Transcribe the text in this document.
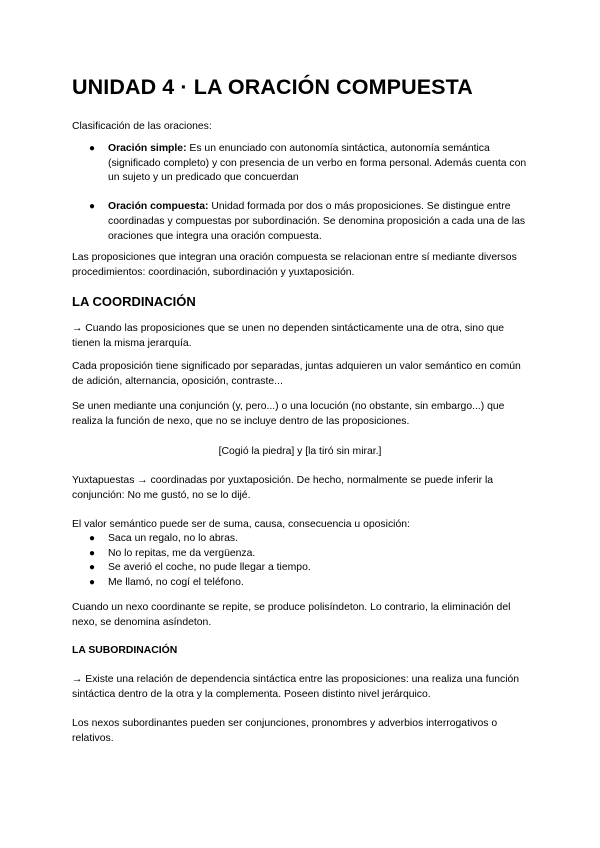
UNIDAD 4 · LA ORACIÓN COMPUESTA

Clasificación de las oraciones:

● Oración simple: Es un enunciado con autonomía sintáctica, autonomía semántica (significado completo) y con presencia de un verbo en forma personal. Además cuenta con un sujeto y un predicado que concuerdan
● Oración compuesta: Unidad formada por dos o más proposiciones. Se distingue entre coordinadas y compuestas por subordinación. Se denomina proposición a cada una de las oraciones que integra una oración compuesta.

Las proposiciones que integran una oración compuesta se relacionan entre sí mediante diversos procedimientos: coordinación, subordinación y yuxtaposición.

LA COORDINACIÓN

→ Cuando las proposiciones que se unen no dependen sintácticamente una de otra, sino que tienen la misma jerarquía.

Cada proposición tiene significado por separadas, juntas adquieren un valor semántico en común de adición, alternancia, oposición, contraste...

Se unen mediante una conjunción (y, pero...) o una locución (no obstante, sin embargo...) que realiza la función de nexo, que no se incluye dentro de las proposiciones.

[Cogió la piedra] y [la tiró sin mirar.]

Yuxtapuestas → coordinadas por yuxtaposición. De hecho, normalmente se puede inferir la conjunción: No me gustó, no se lo dijé.

El valor semántico puede ser de suma, causa, consecuencia u oposición:

● Saca un regalo, no lo abras.
● No lo repitas, me da vergüenza.
● Se averió el coche, no pude llegar a tiempo.
● Me llamó, no cogí el teléfono.

Cuando un nexo coordinante se repite, se produce polisíndeton. Lo contrario, la eliminación del nexo, se denomina asíndeton.

LA SUBORDINACIÓN

→ Existe una relación de dependencia sintáctica entre las proposiciones: una realiza una función sintáctica dentro de la otra y la complementa. Poseen distinto nivel jerárquico.

Los nexos subordinantes pueden ser conjunciones, pronombres y adverbios interrogativos o relativos.
